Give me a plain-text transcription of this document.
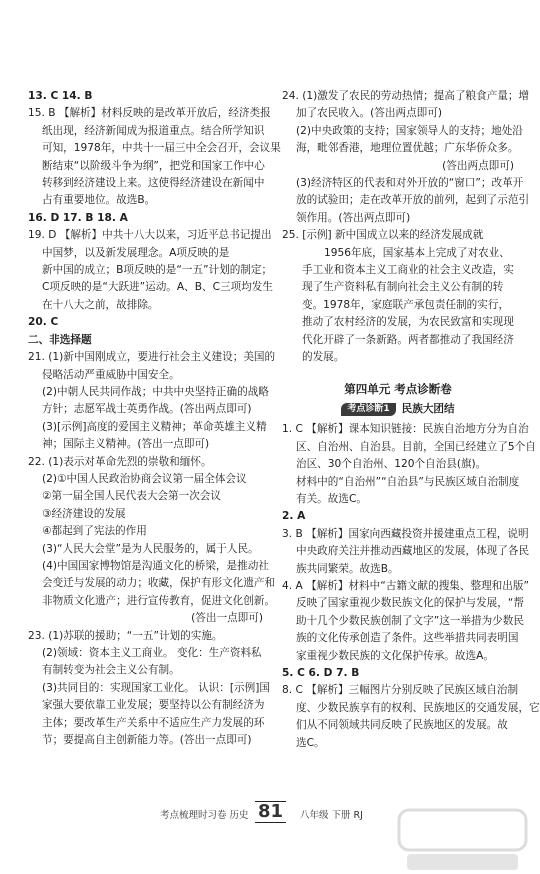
13. C 14. B
15. B 【解析】材料反映的是改革开放后，经济类报
纸出现，经济新闻成为报道重点。结合所学知识
可知，1978年，中共十一届三中全会召开，会议果
断结束“以阶级斗争为纲”，把党和国家工作中心
转移到经济建设上来。这使得经济建设在新闻中
占有重要地位。故选B。
16. D 17. B 18. A
19. D 【解析】中共十八大以来，习近平总书记提出
中国梦，以及新发展理念。A项反映的是
新中国的成立；B项反映的是“一五”计划的制定；
C项反映的是“大跃进”运动。A、B、C三项均发生
在十八大之前，故排除。
20. C
二、非选择题
21. (1)新中国刚成立，要进行社会主义建设；美国的
侵略活动严重威胁中国安全。
(2)中朝人民共同作战；中共中央坚持正确的战略
方针；志愿军战士英勇作战。(答出两点即可)
(3)[示例]高度的爱国主义精神；革命英雄主义精
神；国际主义精神。(答出一点即可)
22. (1)表示对革命先烈的崇敬和缅怀。
(2)①中国人民政治协商会议第一届全体会议
②第一届全国人民代表大会第一次会议
③经济建设的发展
④都起到了宪法的作用
(3)“人民大会堂”是为人民服务的，属于人民。
(4)中国国家博物馆是沟通文化的桥梁，是推动社
会变迁与发展的动力；收藏，保护有形文化遗产和
非物质文化遗产；进行宣传教育，促进文化创新。
(答出一点即可)
23. (1)苏联的援助；“一五”计划的实施。
(2)领域：资本主义工商业。 变化：生产资料私
有制转变为社会主义公有制。
(3)共同目的：实现国家工业化。 认识：[示例]国
家强大要依靠工业发展；要坚持以公有制经济为
主体；要改革生产关系中不适应生产力发展的环
节；要提高自主创新能力等。(答出一点即可)
24. (1)激发了农民的劳动热情；提高了粮食产量；增
加了农民收入。(答出两点即可)
(2)中央政策的支持；国家领导人的支持；地处沿
海，毗邻香港，地理位置优越；广东华侨众多。
(答出两点即可)
(3)经济特区的代表和对外开放的“窗口”；改革开
放的试验田；走在改革开放的前列，起到了示范引
领作用。(答出两点即可)
25. [示例] 新中国成立以来的经济发展成就
1956年底，国家基本上完成了对农业、手工业和资本主义工商业的社会主义改造，实现了生产资料私有制向社会主义公有制的转变。1978年，家庭联产承包责任制的实行，推动了农村经济的发展，为农民致富和实现现代化开辟了一条新路。两者都推动了我国经济的发展。
第四单元 考点诊断卷
考点诊断1	民族大团结
1. C 【解析】课本知识链接：民族自治地方分为自治
区、自治州、自治县。目前，全国已经建立了5个自
治区、30个自治州、120个自治县(旗)。
材料中的“自治州”“自治县”与民族区域自治制度
有关。故选C。
2. A
3. B 【解析】国家向西藏投资并援建重点工程，说明
中央政府关注并推动西藏地区的发展，体现了各民
族共同繁荣。故选B。
4. A 【解析】材料中“古籍文献的搜集、整理和出版”
反映了国家重视少数民族文化的保护与发展，“帮
助十几个少数民族创制了文字”这一举措为少数民
族的文化传承创造了条件。这些举措共同表明国
家重视少数民族的文化保护传承。故选A。
5. C 6. D 7. B
8. C 【解析】三幅图片分别反映了民族区域自治制
度、少数民族享有的权利、民族地区的交通发展，它
们从不同领域共同反映了民族地区的发展。故
选C。
考点梳理时习卷 历史 81	八年级 下册 RJ
